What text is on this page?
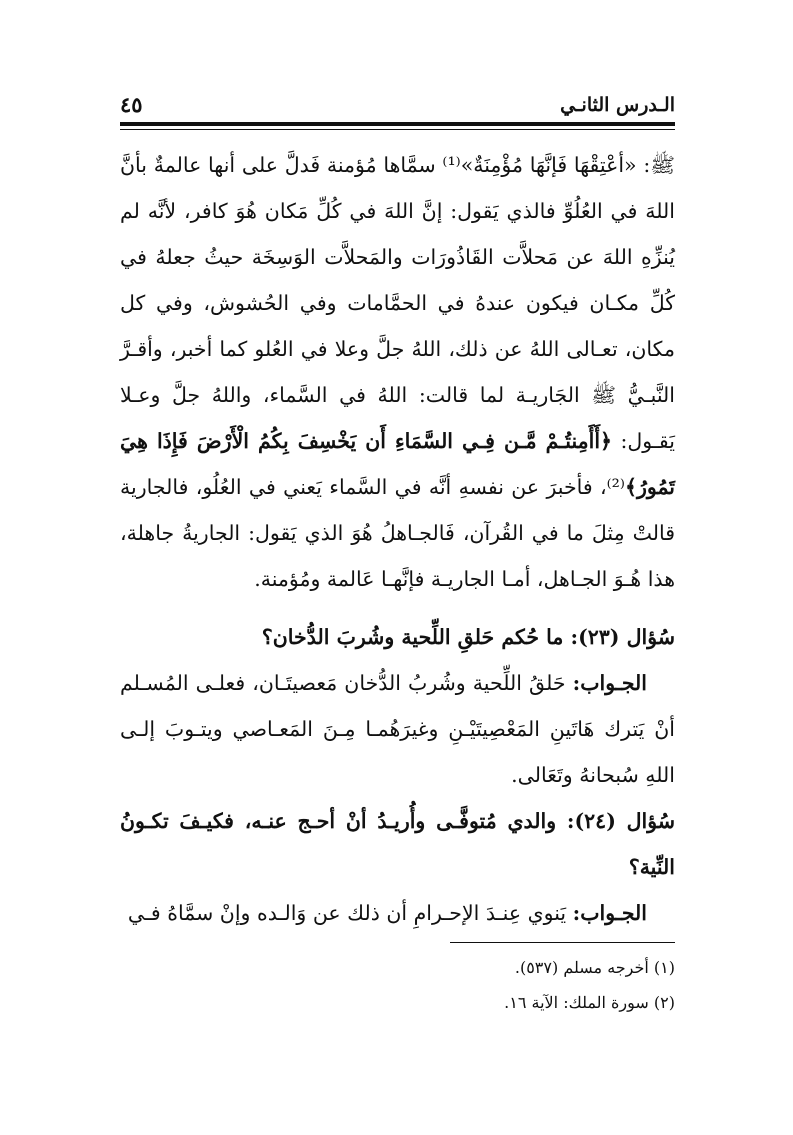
الـدرس الثانـي
٤٥

ﷺ: «أعْتِقْهَا فَإنَّهَا مُؤْمِنَةٌ»⁽¹⁾ سمَّاها مُؤمنة فَدلَّ على أنها عالمةٌ بأنَّ اللهَ في العُلُوِّ فالذي يَقول: إنَّ اللهَ في كُلِّ مَكان هُوَ كافر، لأنَّه لم يُنزِّهِ اللهَ عن مَحلاَّت القَاذُورَات والمَحلاَّت الوَسِخَة حيثُ جعلهُ في كُلِّ مكـان فيكون عندهُ في الحمَّامات وفي الحُشوش، وفي كل مكان، تعـالى اللهُ عن ذلك، اللهُ جلَّ وعلا في العُلو كما أخبر، وأقـرَّ النَّبـيُّ ﷺ الجَاريـة لما قالت: اللهُ في السَّماء، واللهُ جلَّ وعـلا يَقـول: ﴿أَأَمِنتُـمْ مَّـن فِـي السَّمَاءِ أَن يَخْسِفَ بِكُمُ الْأَرْضَ فَإِذَا هِيَ تَمُورُ﴾⁽²⁾، فأخبرَ عن نفسهِ أنَّه في السَّماء يَعني في العُلُو، فالجارية قالتْ مِثلَ ما في القُرآن، فَالجـاهلُ هُوَ الذي يَقول: الجاريةُ جاهلة، هذا هُـوَ الجـاهل، أمـا الجاريـة فإنَّهـا عَالمة ومُؤمنة.

سُؤال (٢٣): ما حُكم حَلقِ اللِّحية وشُربَ الدُّخان؟

الجـواب: حَلقُ اللِّحية وشُربُ الدُّخان مَعصيتَـان، فعلـى المُسـلم أنْ يَترك هَاتَينِ المَعْصِيتَيْـنِ وغيرَهُمـا مِـنَ المَعـاصي ويتـوبَ إلـى اللهِ سُبحانهُ وتَعَالى.

سُؤال (٢٤): والدي مُتوفَّـى وأُريـدُ أنْ أحـج عنـه، فكيـفَ تكـونُ النِّية؟

الجـواب: يَنوي عِنـدَ الإحـرامِ أن ذلك عن وَالـده وإنْ سمَّاهُ فـي

(١) أخرجه مسلم (٥٣٧).

(٢) سورة الملك: الآية ١٦.
